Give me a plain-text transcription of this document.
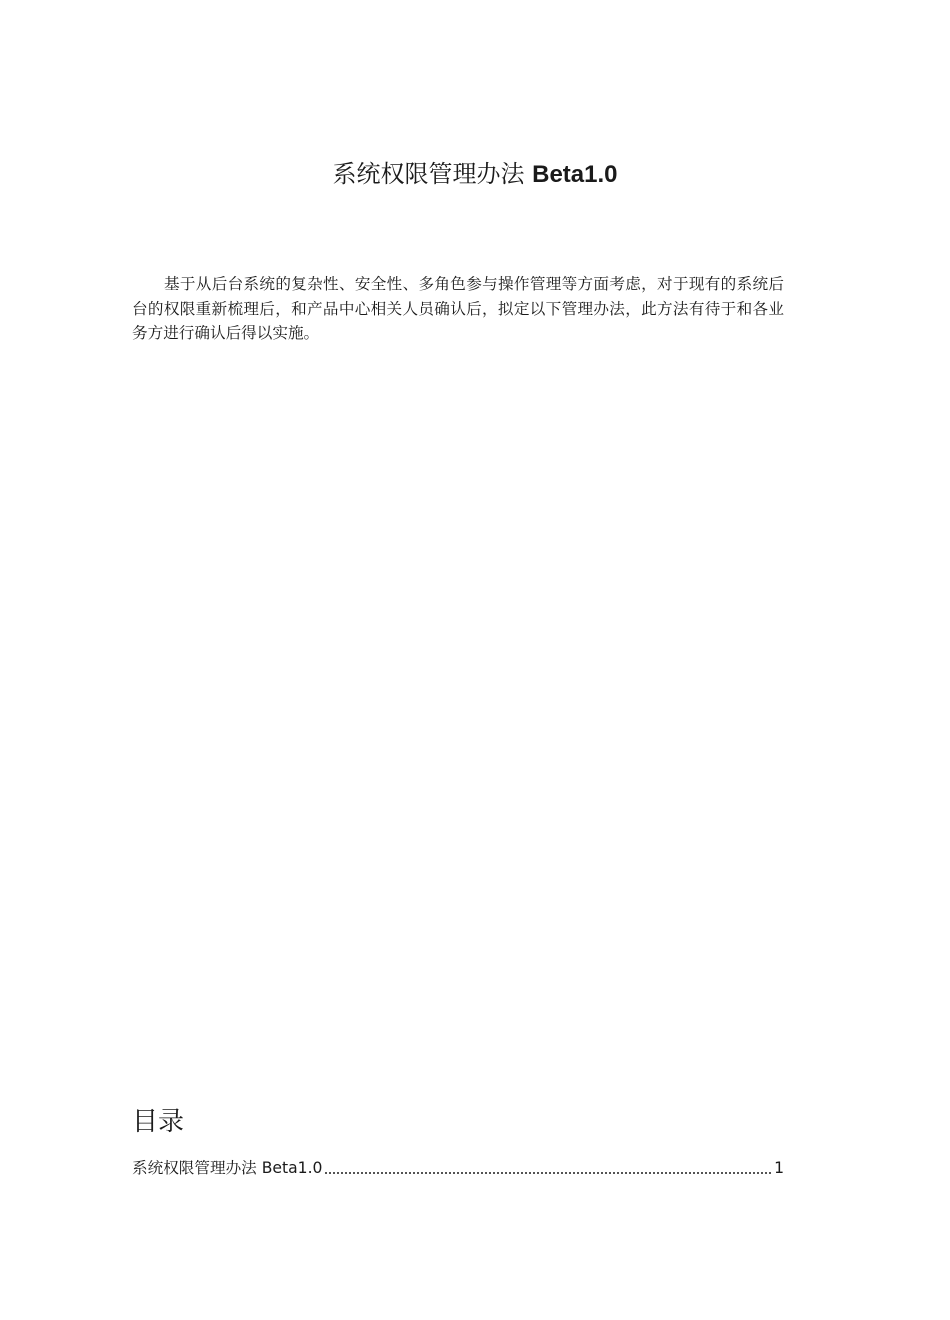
系统权限管理办法 Beta1.0

基于从后台系统的复杂性、安全性、多角色参与操作管理等方面考虑，对于现有的系统后台的权限重新梳理后，和产品中心相关人员确认后，拟定以下管理办法，此方法有待于和各业务方进行确认后得以实施。

目录
系统权限管理办法 Beta1.0	1
